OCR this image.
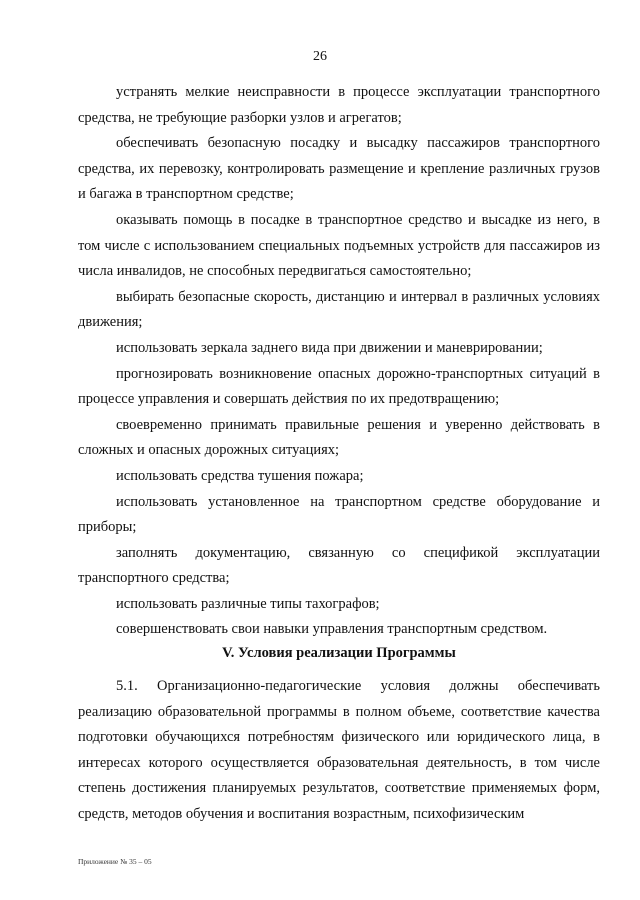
26

устранять мелкие неисправности в процессе эксплуатации транспортного средства, не требующие разборки узлов и агрегатов;

обеспечивать безопасную посадку и высадку пассажиров транспортного средства, их перевозку, контролировать размещение и крепление различных грузов и багажа в транспортном средстве;

оказывать помощь в посадке в транспортное средство и высадке из него, в том числе с использованием специальных подъемных устройств для пассажиров из числа инвалидов, не способных передвигаться самостоятельно;

выбирать безопасные скорость, дистанцию и интервал в различных условиях движения;

использовать зеркала заднего вида при движении и маневрировании;

прогнозировать возникновение опасных дорожно-транспортных ситуаций в процессе управления и совершать действия по их предотвращению;

своевременно принимать правильные решения и уверенно действовать в сложных и опасных дорожных ситуациях;

использовать средства тушения пожара;

использовать установленное на транспортном средстве оборудование и приборы;

заполнять документацию, связанную со спецификой эксплуатации транспортного средства;

использовать различные типы тахографов;

совершенствовать свои навыки управления транспортным средством.

V. Условия реализации Программы

5.1. Организационно-педагогические условия должны обеспечивать реализацию образовательной программы в полном объеме, соответствие качества подготовки обучающихся потребностям физического или юридического лица, в интересах которого осуществляется образовательная деятельность, в том числе степень достижения планируемых результатов, соответствие применяемых форм, средств, методов обучения и воспитания возрастным, психофизическим

Приложение № 35 – 05
